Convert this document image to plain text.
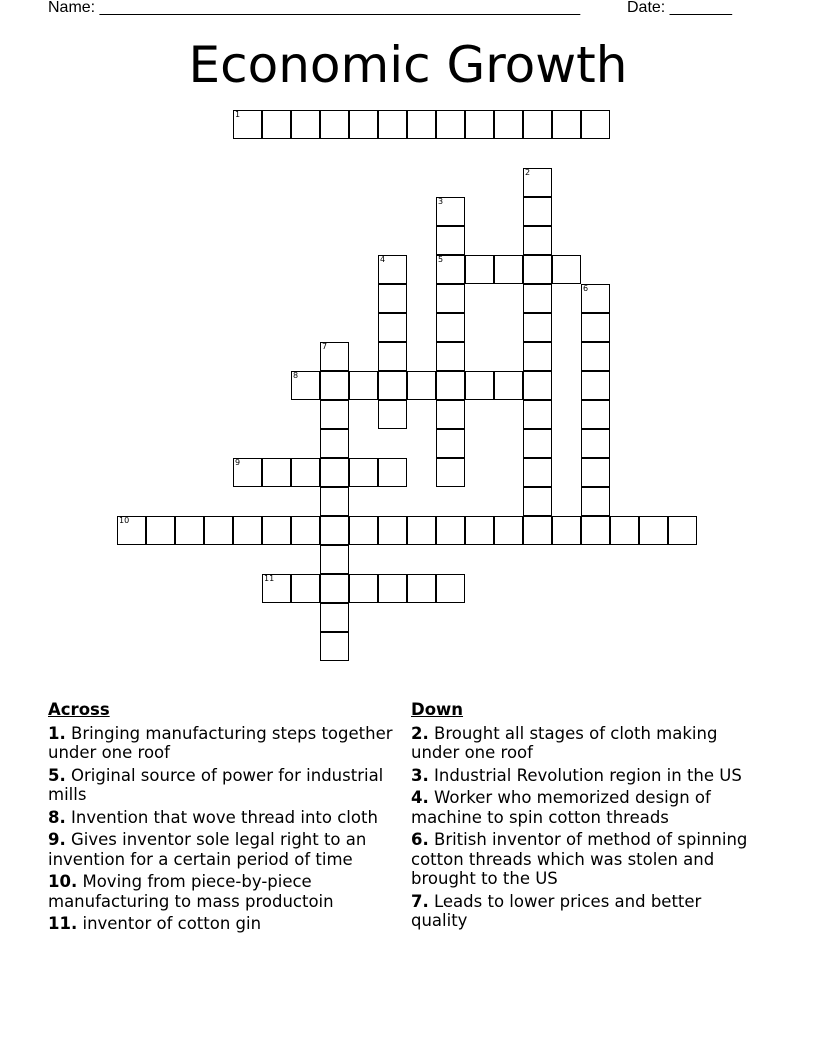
Name: ______________________________________________________	Date: _______
Economic Growth
1
5
8
9
10
11
2
3
4
6
7
Across
1. Bringing manufacturing steps together under one roof
5. Original source of power for industrial mills
8. Invention that wove thread into cloth
9. Gives inventor sole legal right to an invention for a certain period of time
10. Moving from piece-by-piece manufacturing to mass productoin
11. inventor of cotton gin
Down
2. Brought all stages of cloth making under one roof
3. Industrial Revolution region in the US
4. Worker who memorized design of machine to spin cotton threads
6. British inventor of method of spinning cotton threads which was stolen and brought to the US
7. Leads to lower prices and better quality
